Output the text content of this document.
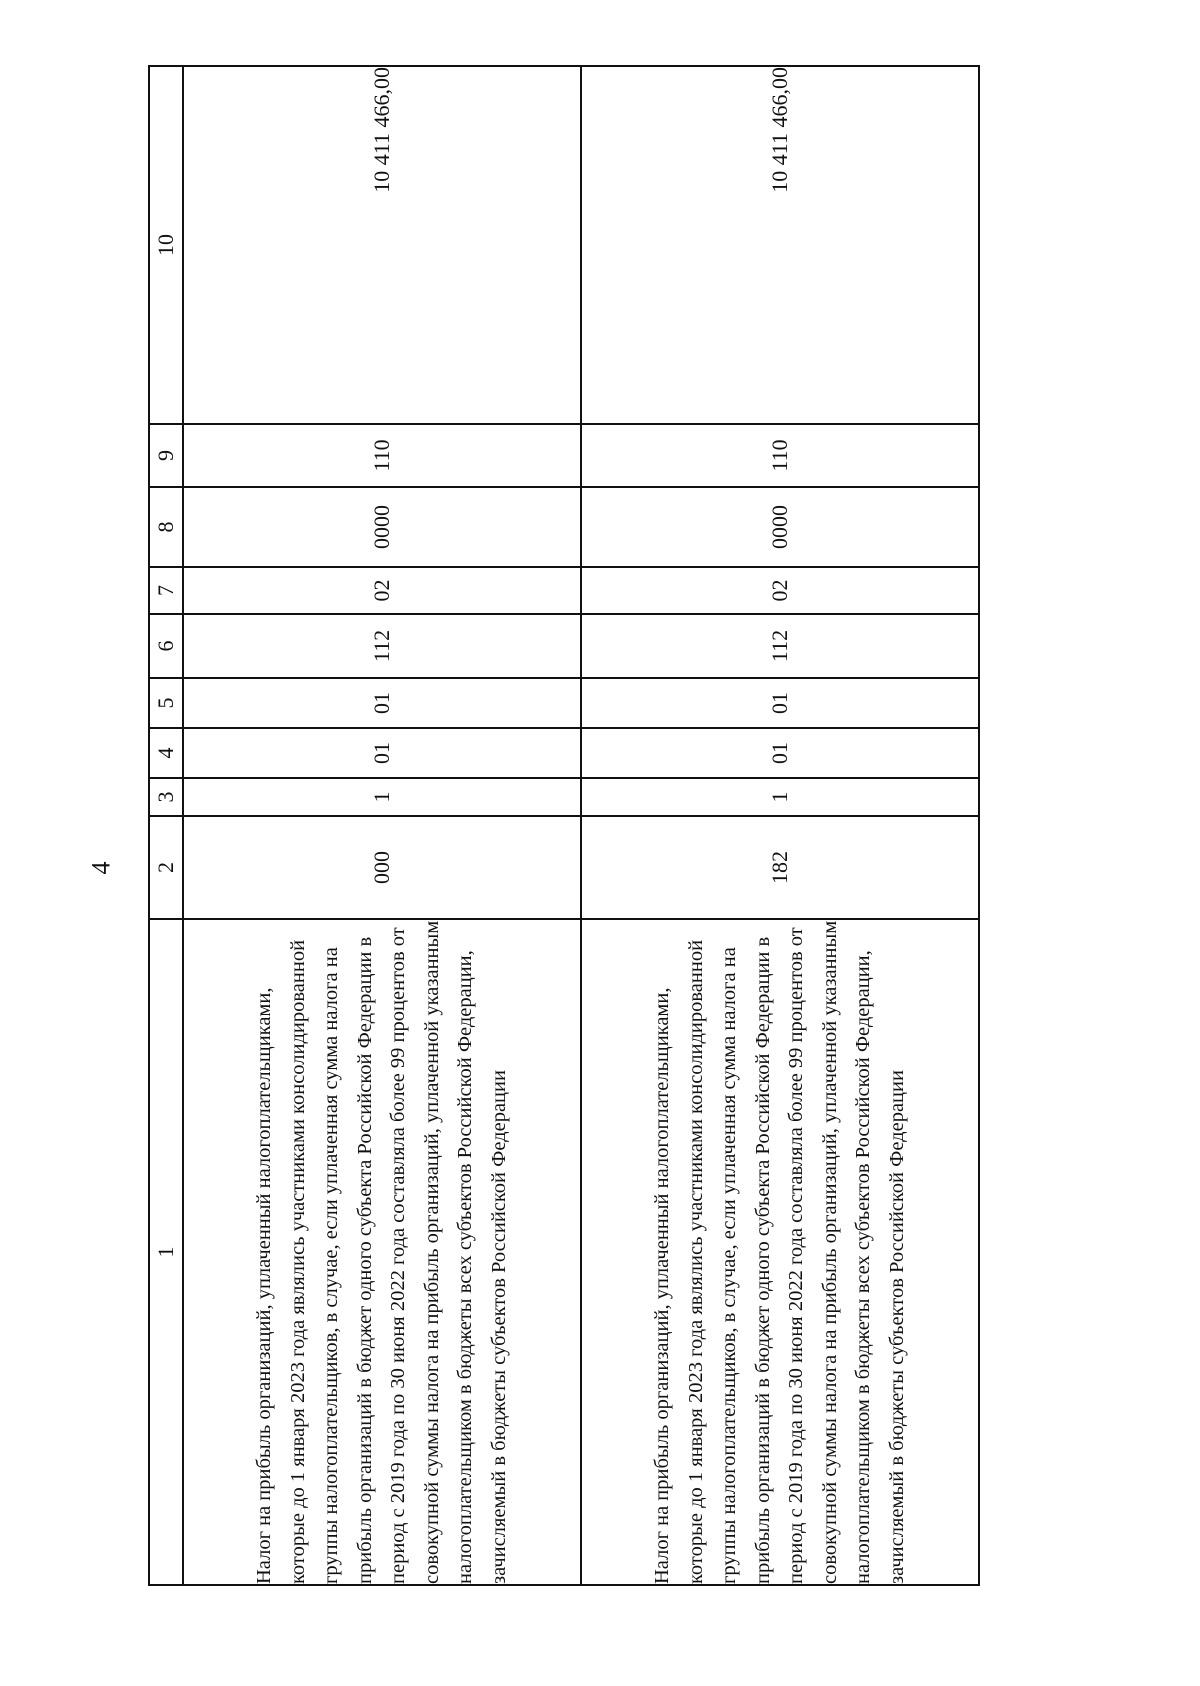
4
1	2	3	4	5	6	7	8	9	10
Налог на прибыль организаций, уплаченный налогоплательщиками, которые до 1 января 2023 года являлись участниками консолидированной группы налогоплательщиков, в случае, если уплаченная сумма налога на прибыль организаций в бюджет одного субъекта Российской Федерации в период с 2019 года по 30 июня 2022 года составляла более 99 процентов от совокупной суммы налога на прибыль организаций, уплаченной указанным налогоплательщиком в бюджеты всех субъектов Российской Федерации, зачисляемый в бюджеты субъектов Российской Федерации	000	1	01	01	112	02	0000	110	10 411 466,00
Налог на прибыль организаций, уплаченный налогоплательщиками, которые до 1 января 2023 года являлись участниками консолидированной группы налогоплательщиков, в случае, если уплаченная сумма налога на прибыль организаций в бюджет одного субъекта Российской Федерации в период с 2019 года по 30 июня 2022 года составляла более 99 процентов от совокупной суммы налога на прибыль организаций, уплаченной указанным налогоплательщиком в бюджеты всех субъектов Российской Федерации, зачисляемый в бюджеты субъектов Российской Федерации	182	1	01	01	112	02	0000	110	10 411 466,00
